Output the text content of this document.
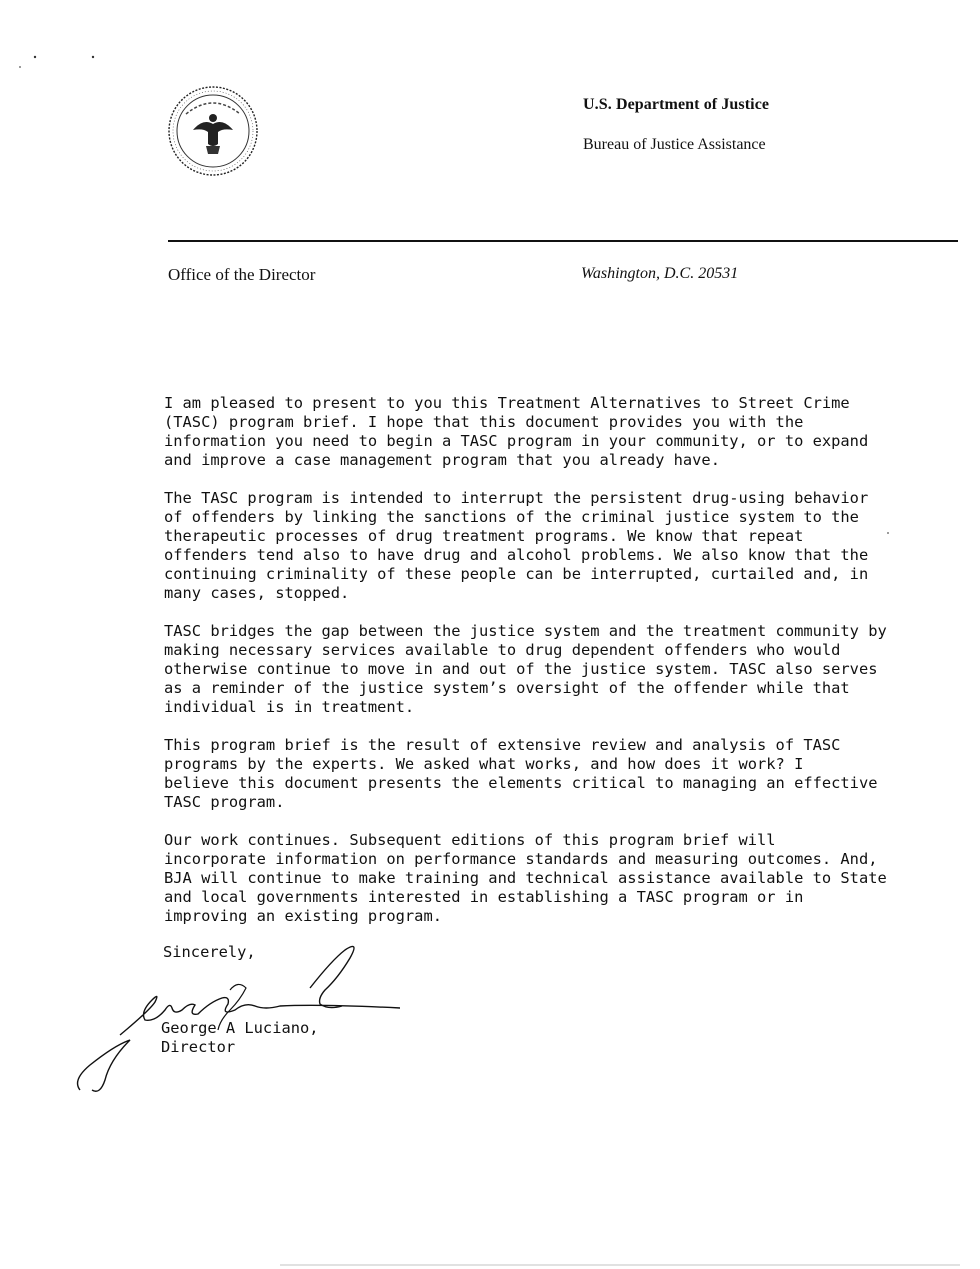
U.S. Department of Justice
Bureau of Justice Assistance
Office of the Director	Washington, D.C. 20531

I am pleased to present to you this Treatment Alternatives to Street Crime
(TASC) program brief. I hope that this document provides you with the
information you need to begin a TASC program in your community, or to expand
and improve a case management program that you already have.

The TASC program is intended to interrupt the persistent drug-using behavior
of offenders by linking the sanctions of the criminal justice system to the
therapeutic processes of drug treatment programs. We know that repeat
offenders tend also to have drug and alcohol problems. We also know that the
continuing criminality of these people can be interrupted, curtailed and, in
many cases, stopped.

TASC bridges the gap between the justice system and the treatment community by
making necessary services available to drug dependent offenders who would
otherwise continue to move in and out of the justice system. TASC also serves
as a reminder of the justice system’s oversight of the offender while that
individual is in treatment.

This program brief is the result of extensive review and analysis of TASC
programs by the experts. We asked what works, and how does it work? I
believe this document presents the elements critical to managing an effective
TASC program.

Our work continues. Subsequent editions of this program brief will
incorporate information on performance standards and measuring outcomes. And,
BJA will continue to make training and technical assistance available to State
and local governments interested in establishing a TASC program or in
improving an existing program.

Sincerely,
George A Luciano,
Director
